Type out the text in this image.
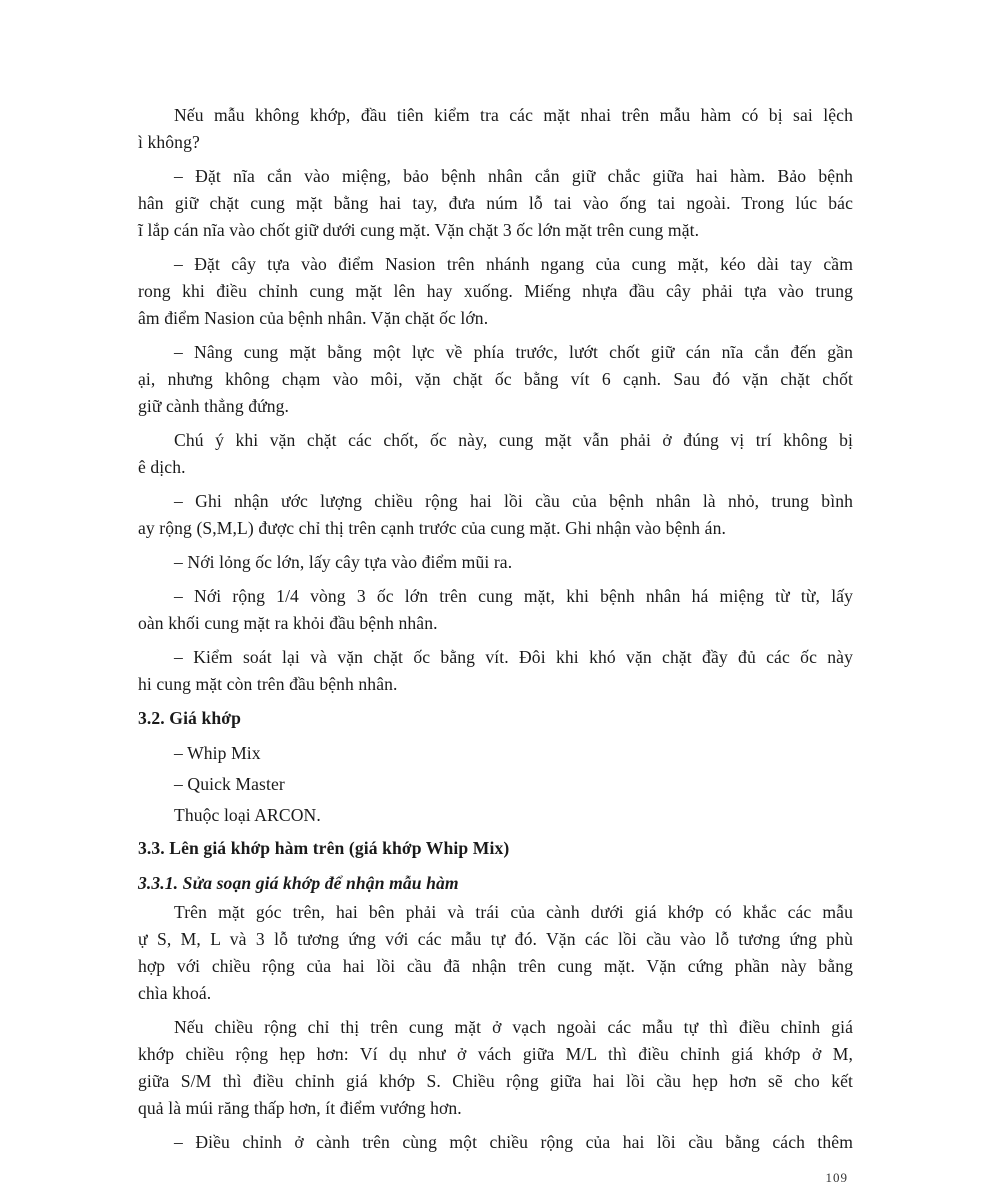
Nếu mẫu không khớp, đầu tiên kiểm tra các mặt nhai trên mẫu hàm có bị sai lệch
ì không?
– Đặt nĩa cắn vào miệng, bảo bệnh nhân cắn giữ chắc giữa hai hàm. Bảo bệnh
hân giữ chặt cung mặt bằng hai tay, đưa núm lỗ tai vào ống tai ngoài. Trong lúc bác
ĩ lắp cán nĩa vào chốt giữ dưới cung mặt. Vặn chặt 3 ốc lớn mặt trên cung mặt.
– Đặt cây tựa vào điểm Nasion trên nhánh ngang của cung mặt, kéo dài tay cầm
rong khi điều chỉnh cung mặt lên hay xuống. Miếng nhựa đầu cây phải tựa vào trung
âm điểm Nasion của bệnh nhân. Vặn chặt ốc lớn.
– Nâng cung mặt bằng một lực về phía trước, lướt chốt giữ cán nĩa cắn đến gần
ại, nhưng không chạm vào môi, vặn chặt ốc bằng vít 6 cạnh. Sau đó vặn chặt chốt
giữ cành thẳng đứng.
Chú ý khi vặn chặt các chốt, ốc này, cung mặt vẫn phải ở đúng vị trí không bị
ê dịch.
– Ghi nhận ước lượng chiều rộng hai lồi cầu của bệnh nhân là nhỏ, trung bình
ay rộng (S,M,L) được chỉ thị trên cạnh trước của cung mặt. Ghi nhận vào bệnh án.
– Nới lỏng ốc lớn, lấy cây tựa vào điểm mũi ra.
– Nới rộng 1/4 vòng 3 ốc lớn trên cung mặt, khi bệnh nhân há miệng từ từ, lấy
oàn khối cung mặt ra khỏi đầu bệnh nhân.
– Kiểm soát lại và vặn chặt ốc bằng vít. Đôi khi khó vặn chặt đầy đủ các ốc này
hi cung mặt còn trên đầu bệnh nhân.
3.2. Giá khớp
– Whip Mix
– Quick Master
Thuộc loại ARCON.
3.3. Lên giá khớp hàm trên (giá khớp Whip Mix)
3.3.1. Sửa soạn giá khớp để nhận mẫu hàm
Trên mặt góc trên, hai bên phải và trái của cành dưới giá khớp có khắc các mẫu
ự S, M, L và 3 lỗ tương ứng với các mẫu tự đó. Vặn các lồi cầu vào lỗ tương ứng phù
hợp với chiều rộng của hai lồi cầu đã nhận trên cung mặt. Vặn cứng phần này bằng
chìa khoá.
Nếu chiều rộng chỉ thị trên cung mặt ở vạch ngoài các mẫu tự thì điều chỉnh giá
khớp chiều rộng hẹp hơn: Ví dụ như ở vách giữa M/L thì điều chỉnh giá khớp ở M,
giữa S/M thì điều chỉnh giá khớp S. Chiều rộng giữa hai lồi cầu hẹp hơn sẽ cho kết
quả là múi răng thấp hơn, ít điểm vướng hơn.
– Điều chỉnh ở cành trên cùng một chiều rộng của hai lồi cầu bằng cách thêm
109
